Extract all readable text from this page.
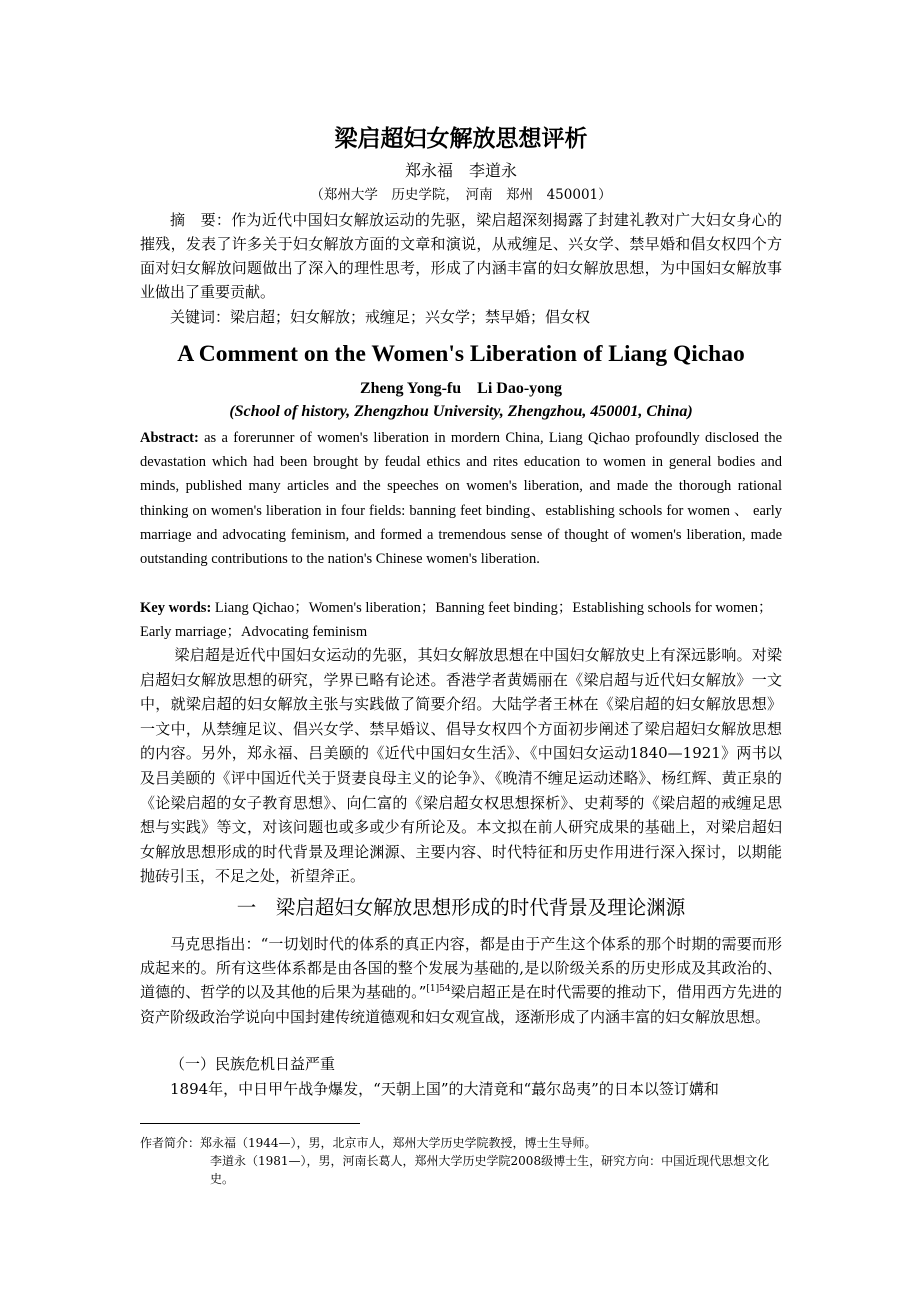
梁启超妇女解放思想评析
郑永福　李道永
（郑州大学　历史学院，　河南　郑州　450001）

摘　要：作为近代中国妇女解放运动的先驱，梁启超深刻揭露了封建礼教对广大妇女身心的摧残，发表了许多关于妇女解放方面的文章和演说，从戒缠足、兴女学、禁早婚和倡女权四个方面对妇女解放问题做出了深入的理性思考，形成了内涵丰富的妇女解放思想，为中国妇女解放事业做出了重要贡献。

关键词：梁启超；妇女解放；戒缠足；兴女学；禁早婚；倡女权

A Comment on the Women's Liberation of Liang Qichao
Zheng Yong-fu　Li Dao-yong
(School of history, Zhengzhou University, Zhengzhou, 450001, China)

Abstract: as a forerunner of women's liberation in mordern China, Liang Qichao profoundly disclosed the devastation which had been brought by feudal ethics and rites education to women in general bodies and minds, published many articles and the speeches on women's liberation, and made the thorough rational thinking on women's liberation in four fields: banning feet binding、establishing schools for women 、 early marriage and advocating feminism, and formed a tremendous sense of thought of women's liberation, made outstanding contributions to the nation's Chinese women's liberation.

Key words: Liang Qichao；Women's liberation；Banning feet binding；Establishing schools for women；Early marriage；Advocating feminism

梁启超是近代中国妇女运动的先驱，其妇女解放思想在中国妇女解放史上有深远影响。对梁启超妇女解放思想的研究，学界已略有论述。香港学者黄嫣丽在《梁启超与近代妇女解放》一文中，就梁启超的妇女解放主张与实践做了简要介绍。大陆学者王林在《梁启超的妇女解放思想》一文中，从禁缠足议、倡兴女学、禁早婚议、倡导女权四个方面初步阐述了梁启超妇女解放思想的内容。另外，郑永福、吕美颐的《近代中国妇女生活》、《中国妇女运动1840—1921》两书以及吕美颐的《评中国近代关于贤妻良母主义的论争》、《晚清不缠足运动述略》、杨红辉、黄正泉的《论梁启超的女子教育思想》、向仁富的《梁启超女权思想探析》、史莉琴的《梁启超的戒缠足思想与实践》等文，对该问题也或多或少有所论及。本文拟在前人研究成果的基础上，对梁启超妇女解放思想形成的时代背景及理论渊源、主要内容、时代特征和历史作用进行深入探讨，以期能抛砖引玉，不足之处，祈望斧正。

一　梁启超妇女解放思想形成的时代背景及理论渊源

马克思指出：“一切划时代的体系的真正内容，都是由于产生这个体系的那个时期的需要而形成起来的。所有这些体系都是由各国的整个发展为基础的,是以阶级关系的历史形成及其政治的、道德的、哲学的以及其他的后果为基础的。”$^{[1]54}$梁启超正是在时代需要的推动下，借用西方先进的资产阶级政治学说向中国封建传统道德观和妇女观宣战，逐渐形成了内涵丰富的妇女解放思想。

（一）民族危机日益严重

1894年，中日甲午战争爆发，“天朝上国”的大清竟和“蕞尔岛夷”的日本以签订媾和

作者简介： 郑永福（1944—），男，北京市人，郑州大学历史学院教授，博士生导师。
李道永（1981—），男，河南长葛人，郑州大学历史学院2008级博士生，研究方向：中国近现代思想文化史。
